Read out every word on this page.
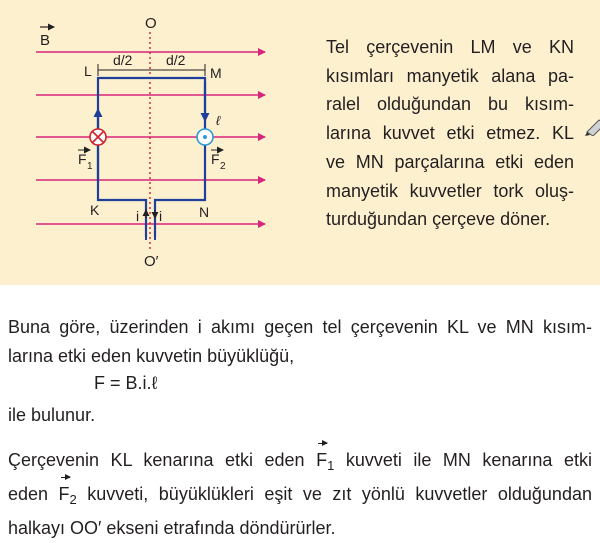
B
O
O′
d/2 d/2
i i
L	M
K	N
F 1	F 2
ℓ
Tel çerçevenin LM ve KN
kısımları manyetik alana pa-
ralel olduğundan bu kısım-
larına kuvvet etki etmez. KL
ve MN parçalarına etki eden
manyetik kuvvetler tork oluş-
turduğundan çerçeve döner.
Buna göre, üzerinden i akımı geçen tel çerçevenin KL ve MN kısım-
larına etki eden kuvvetin büyüklüğü,
F = B.i.ℓ
ile bulunur.
Çerçevenin KL kenarına etki eden $F_1$ kuvveti ile MN kenarına etki
eden $F_2$ kuvveti, büyüklükleri eşit ve zıt yönlü kuvvetler olduğundan
halkayı OO′ ekseni etrafında döndürürler.
